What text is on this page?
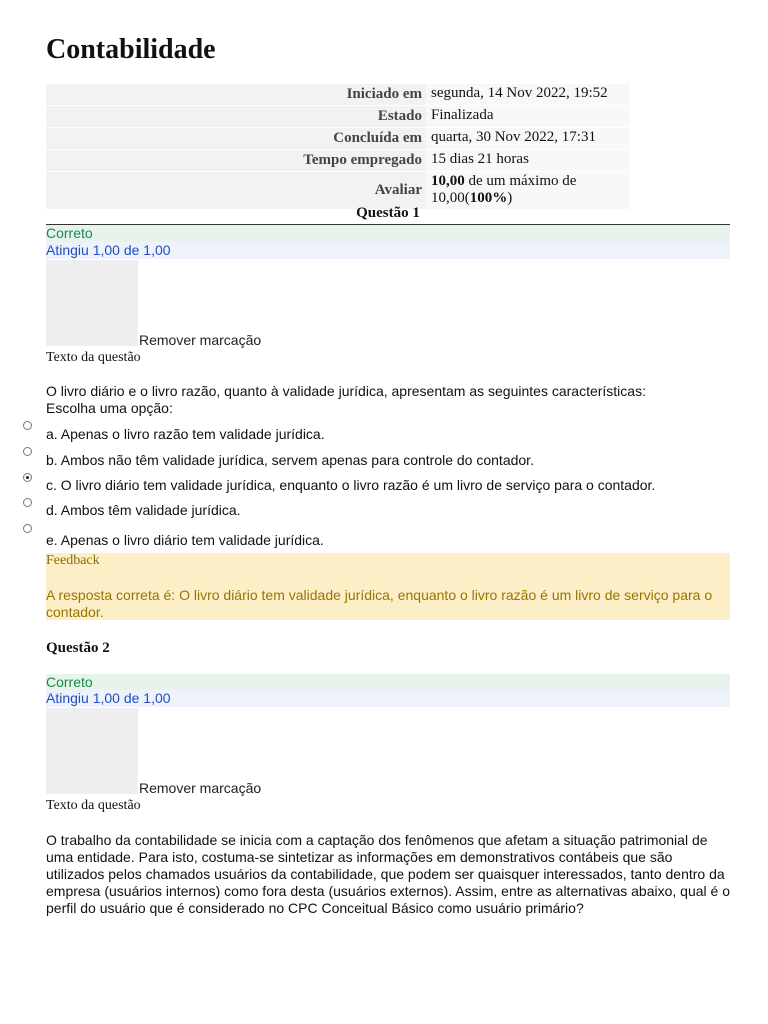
Contabilidade
Iniciado em	segunda, 14 Nov 2022, 19:52
Estado	Finalizada
Concluída em	quarta, 30 Nov 2022, 17:31
Tempo empregado	15 dias 21 horas
Avaliar	10,00 de um máximo de 10,00(100%)
Questão 1
Correto
Atingiu 1,00 de 1,00
Remover marcação
Texto da questão
O livro diário e o livro razão, quanto à validade jurídica, apresentam as seguintes características:
Escolha uma opção:
a. Apenas o livro razão tem validade jurídica.
b. Ambos não têm validade jurídica, servem apenas para controle do contador.
c. O livro diário tem validade jurídica, enquanto o livro razão é um livro de serviço para o contador.
d. Ambos têm validade jurídica.
e. Apenas o livro diário tem validade jurídica.
Feedback
A resposta correta é: O livro diário tem validade jurídica, enquanto o livro razão é um livro de serviço para o contador.
Questão 2
Correto
Atingiu 1,00 de 1,00
Remover marcação
Texto da questão
O trabalho da contabilidade se inicia com a captação dos fenômenos que afetam a situação patrimonial de uma entidade. Para isto, costuma-se sintetizar as informações em demonstrativos contábeis que são utilizados pelos chamados usuários da contabilidade, que podem ser quaisquer interessados, tanto dentro da empresa (usuários internos) como fora desta (usuários externos). Assim, entre as alternativas abaixo, qual é o perfil do usuário que é considerado no CPC Conceitual Básico como usuário primário?
